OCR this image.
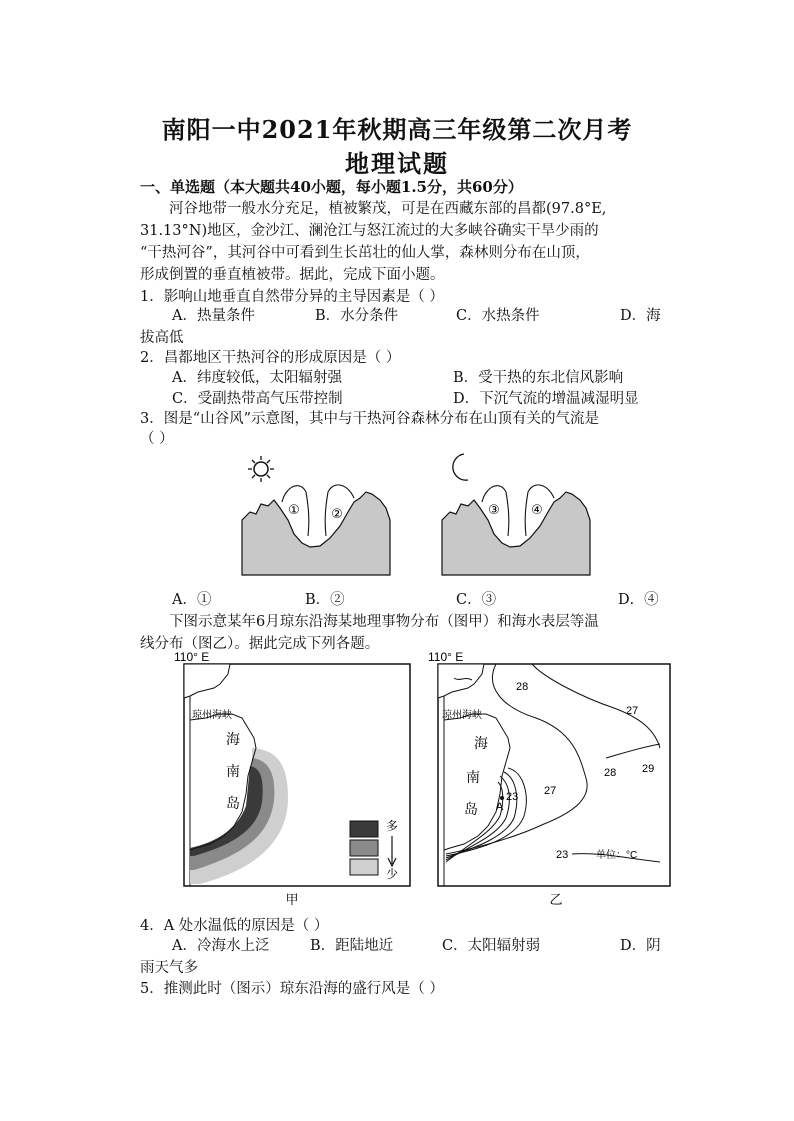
南阳一中2021年秋期高三年级第二次月考
地理试题
一、单选题（本大题共40小题，每小题1.5分，共60分）
河谷地带一般水分充足，植被繁茂，可是在西藏东部的昌都(97.8°E,
31.13°N)地区，金沙江、澜沧江与怒江流过的大多峡谷确实干旱少雨的
“干热河谷”，其河谷中可看到生长茁壮的仙人掌，森林则分布在山顶，
形成倒置的垂直植被带。据此，完成下面小题。
1．影响山地垂直自然带分异的主导因素是（ ）
A．热量条件	B．水分条件	C．水热条件	D．海
拔高低
2．昌都地区干热河谷的形成原因是（ ）
A．纬度较低，太阳辐射强	B．受干热的东北信风影响
C．受副热带高气压带控制	D．下沉气流的增温减湿明显
3．图是“山谷风”示意图，其中与干热河谷森林分布在山顶有关的气流是
（ ）
① ②	③ ④
A．①	B．②	C．③	D．④
下图示意某年6月琼东沿海某地理事物分布（图甲）和海水表层等温
线分布（图乙）。据此完成下列各题。
110° E
琼州海峡
海
南
岛
多
少
甲
110° E
琼州海峡
海
南
岛
28
27
28 29
23 27
A
23	单位：°C
乙
4．A 处水温低的原因是（ ）
A．冷海水上泛	B．距陆地近	C．太阳辐射弱	D．阴
雨天气多
5．推测此时（图示）琼东沿海的盛行风是（ ）
